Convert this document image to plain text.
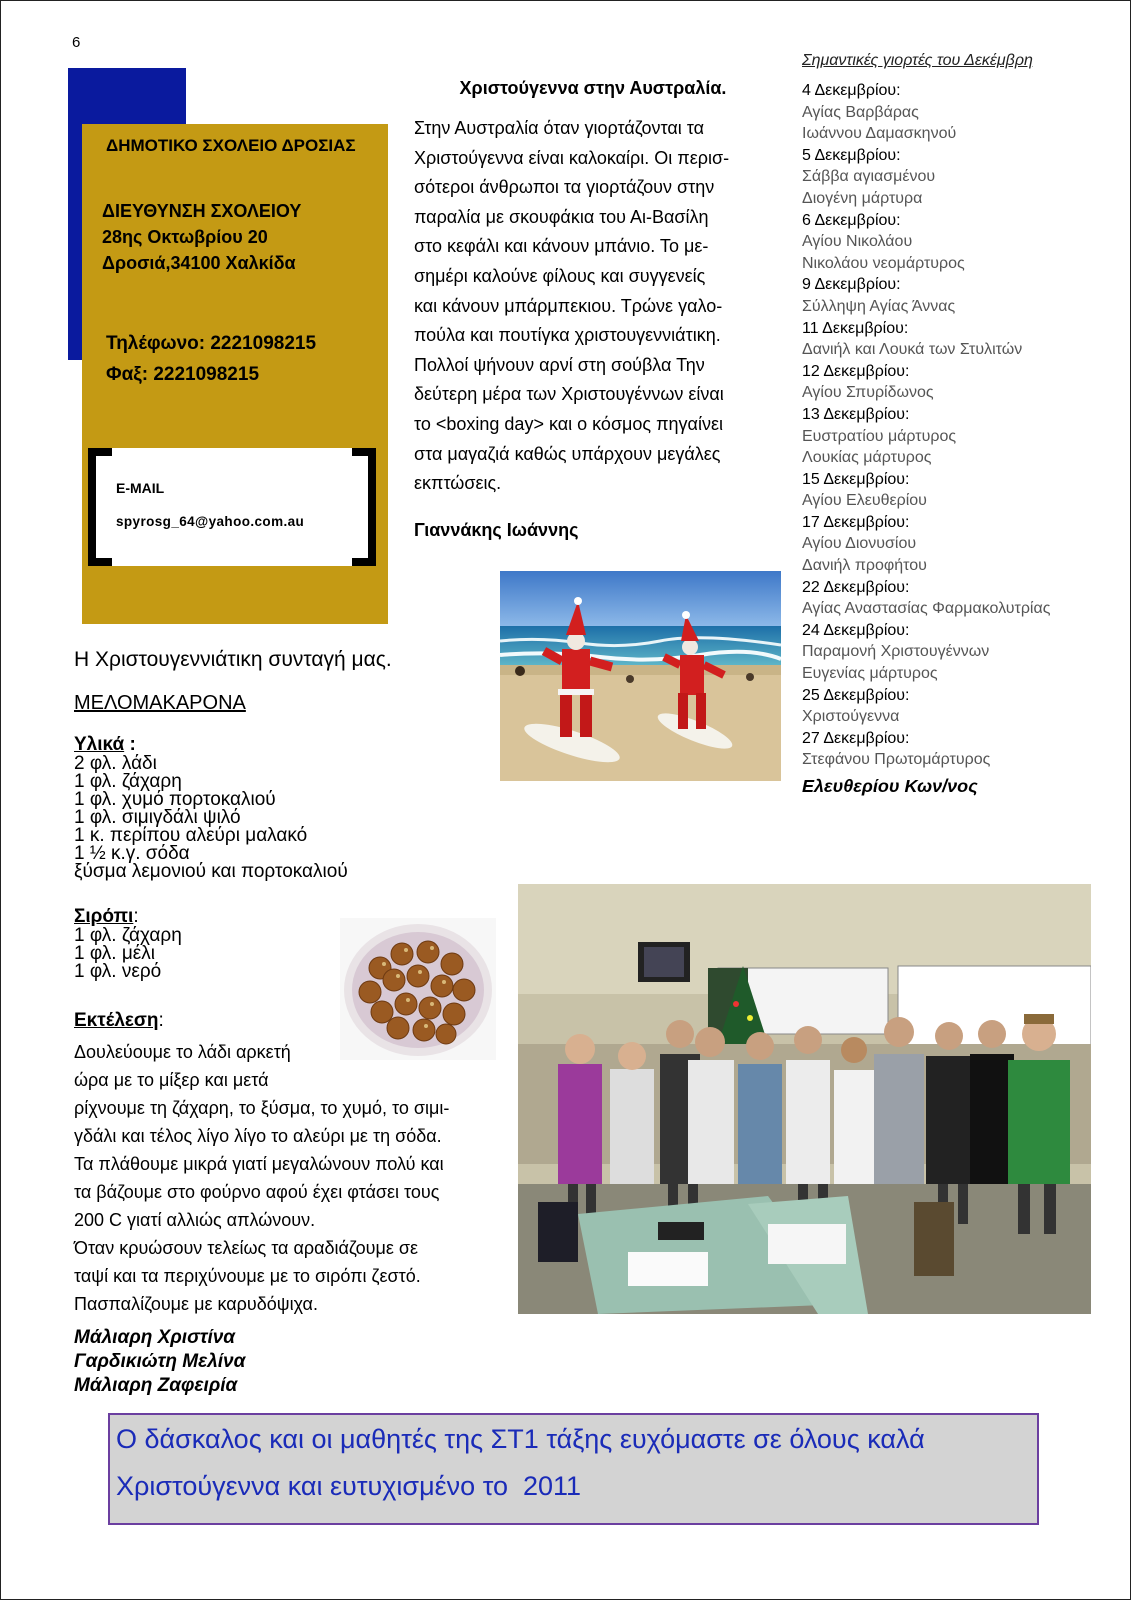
6
ΔΗΜΟΤΙΚΟ ΣΧΟΛΕΙΟ ΔΡΟΣΙΑΣ
ΔΙΕΥΘΥΝΣΗ ΣΧΟΛΕΙΟΥ
28ης Οκτωβρίου 20
Δροσιά,34100 Χαλκίδα
Τηλέφωνο: 2221098215
Φαξ: 2221098215
E-MAIL
spyrosg_64@yahoo.com.au
Χριστούγεννα στην Αυστραλία.
Στην Αυστραλία όταν γιορτάζονται τα
Χριστούγεννα είναι καλοκαίρι. Οι περισ-
σότεροι άνθρωποι τα γιορτάζουν στην
παραλία με σκουφάκια του Αι-Βασίλη
στο κεφάλι και κάνουν μπάνιο. Το με-
σημέρι καλούνε φίλους και συγγενείς
και κάνουν μπάρμπεκιου. Τρώνε γαλο-
πούλα και πουτίγκα χριστουγεννιάτικη.
Πολλοί ψήνουν αρνί στη σούβλα Την
δεύτερη μέρα των Χριστουγέννων είναι
το <boxing day> και ο κόσμος πηγαίνει
στα μαγαζιά καθώς υπάρχουν μεγάλες
εκπτώσεις.
Γιαννάκης Ιωάννης
Σημαντικές γιορτές του Δεκέμβρη
4 Δεκεμβρίου:
Αγίας Βαρβάρας
Ιωάννου Δαμασκηνού
5 Δεκεμβρίου:
Σάββα αγιασμένου
Διογένη μάρτυρα
6 Δεκεμβρίου:
Αγίου Νικολάου
Νικολάου νεομάρτυρος
9 Δεκεμβρίου:
Σύλληψη Αγίας Άννας
11 Δεκεμβρίου:
Δανιήλ και Λουκά των Στυλιτών
12 Δεκεμβρίου:
Αγίου Σπυρίδωνος
13 Δεκεμβρίου:
Ευστρατίου μάρτυρος
Λουκίας μάρτυρος
15 Δεκεμβρίου:
Αγίου Ελευθερίου
17 Δεκεμβρίου:
Αγίου Διονυσίου
Δανιήλ προφήτου
22 Δεκεμβρίου:
Αγίας Αναστασίας Φαρμακολυτρίας
24 Δεκεμβρίου:
Παραμονή Χριστουγέννων
Ευγενίας μάρτυρος
25 Δεκεμβρίου:
Χριστούγεννα
27 Δεκεμβρίου:
Στεφάνου Πρωτομάρτυρος
Ελευθερίου Κων/νος
Η Χριστουγεννιάτικη συνταγή μας.
ΜΕΛΟΜΑΚΑΡΟΝΑ
Υλικά :
2 φλ. λάδι
1 φλ. ζάχαρη
1 φλ. χυμό πορτοκαλιού
1 φλ. σιμιγδάλι ψιλό
1 κ. περίπου αλεύρι μαλακό
1 ½ κ.γ. σόδα
ξύσμα λεμονιού και πορτοκαλιού
Σιρόπι:
1 φλ. ζάχαρη
1 φλ. μέλι
1 φλ. νερό
Εκτέλεση:
Δουλεύουμε το λάδι αρκετή
ώρα με το μίξερ και μετά
ρίχνουμε τη ζάχαρη, το ξύσμα, το χυμό, το σιμι-
γδάλι και τέλος λίγο λίγο το αλεύρι με τη σόδα.
Τα πλάθουμε μικρά γιατί μεγαλώνουν πολύ και
τα βάζουμε στο φούρνο αφού έχει φτάσει τους
200 C γιατί αλλιώς απλώνουν.
Όταν κρυώσουν τελείως τα αραδιάζουμε σε
ταψί και τα περιχύνουμε με το σιρόπι ζεστό.
Πασπαλίζουμε με καρυδόψιχα.
Μάλιαρη Χριστίνα
Γαρδικιώτη Μελίνα
Μάλιαρη Ζαφειρία
Ο δάσκαλος και οι μαθητές της ΣΤ1 τάξης ευχόμαστε σε όλους καλά
Χριστούγεννα και ευτυχισμένο το  2011
